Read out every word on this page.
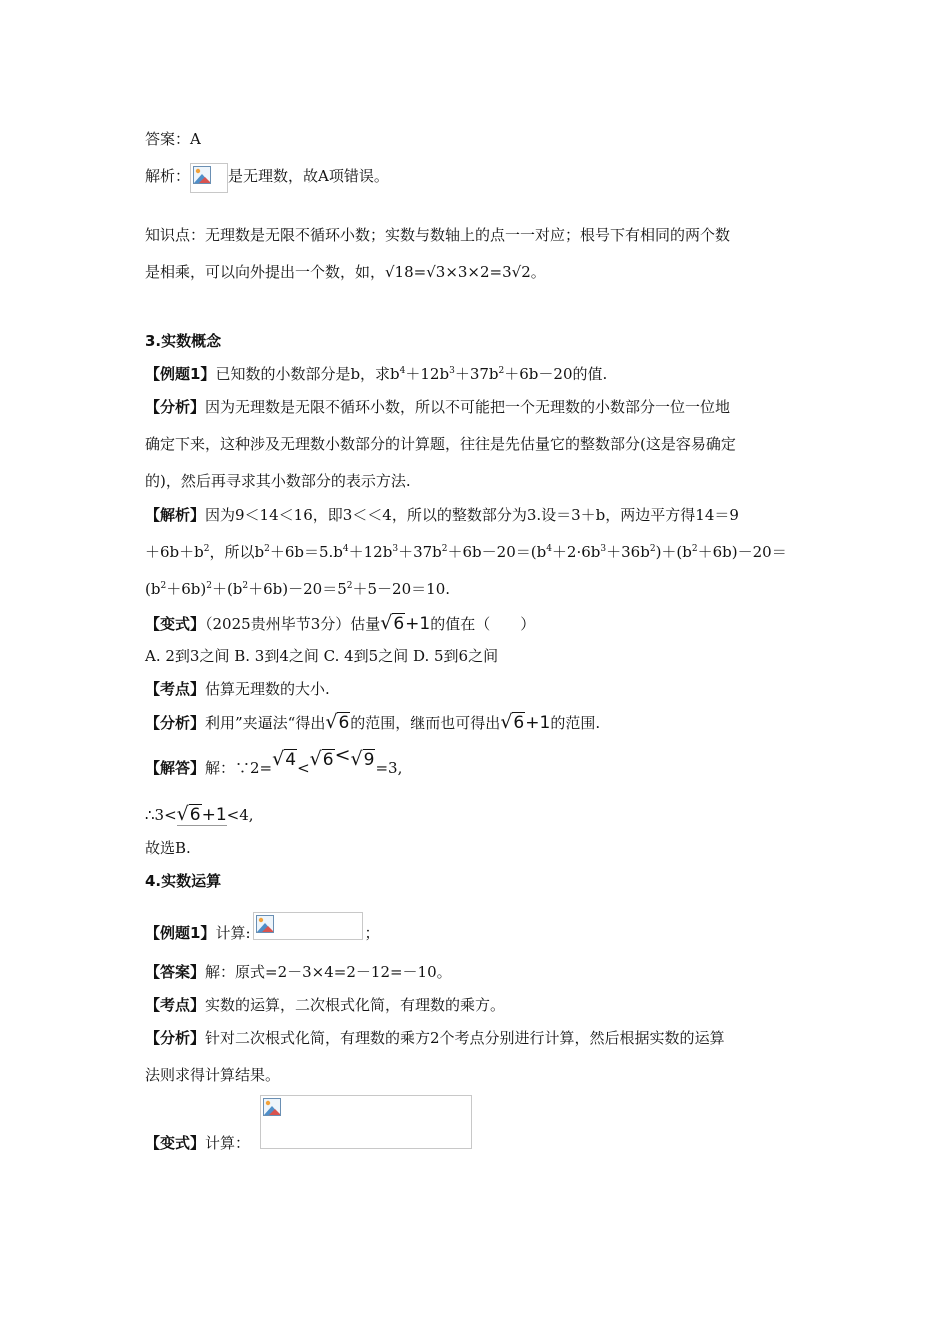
答案：A
解析：	是无理数，故A项错误。
知识点：无理数是无限不循环小数；实数与数轴上的点一一对应；根号下有相同的两个数
是相乘，可以向外提出一个数，如，√18=√3×3×2=3√2。
3.实数概念
【例题1】已知数的小数部分是b，求$b^4+12b^3+37b^2+6b-20$的值.
【分析】因为无理数是无限不循环小数，所以不可能把一个无理数的小数部分一位一位地
确定下来，这种涉及无理数小数部分的计算题，往往是先估量它的整数部分(这是容易确定
的)，然后再寻求其小数部分的表示方法.
【解析】因为9＜14＜16，即3＜＜4，所以的整数部分为3.设＝3＋b，两边平方得14＝9
$+6b+b^2$，所以$b^2+6b=5.b^4+12b^3+37b^2+6b-20=(b^4+2\cdot 6b^3+36b^2)+(b^2+6b)-20=$
$(b^2+6b)^2+(b^2+6b)-20=5^2+5-20=10$.
【变式】（2025贵州毕节3分）估量√6+1的值在（　　）
A. 2到3之间 B. 3到4之间 C. 4到5之间 D. 5到6之间
【考点】估算无理数的大小.
【分析】利用”夹逼法“得出√6的范围，继而也可得出√6+1的范围.
【解答】解：∵2=√4<√6<√9=3,
∴3<√6+1<4,
故选B.
4.实数运算
【例题1】计算:	；
【答案】解：原式=2－3×4=2－12=－10。
【考点】实数的运算，二次根式化简，有理数的乘方。
【分析】针对二次根式化简，有理数的乘方2个考点分别进行计算，然后根据实数的运算
法则求得计算结果。
【变式】计算：
